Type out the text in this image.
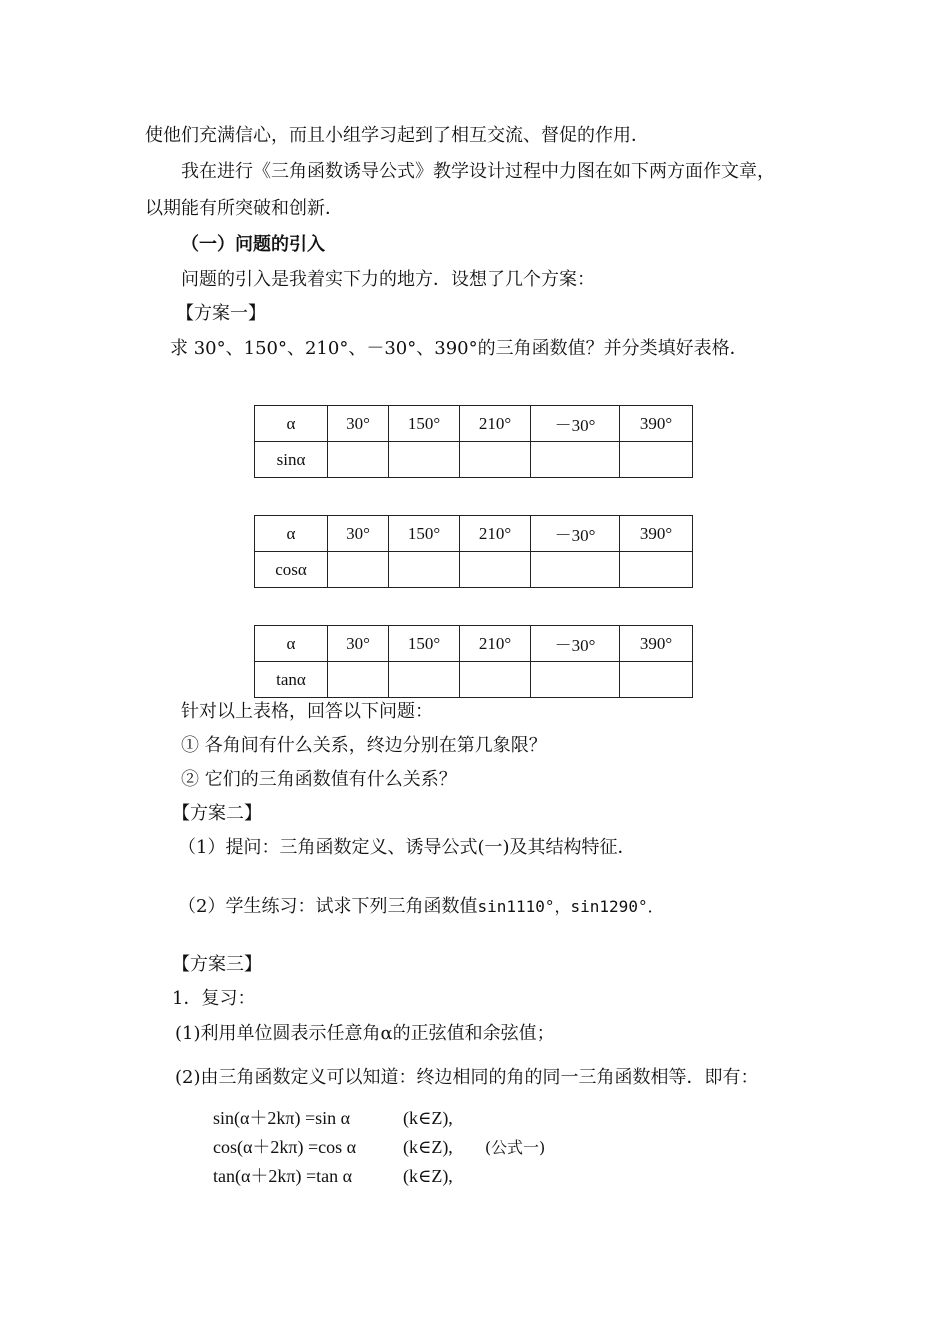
使他们充满信心，而且小组学习起到了相互交流、督促的作用．
我在进行《三角函数诱导公式》教学设计过程中力图在如下两方面作文章，
以期能有所突破和创新．
（一）问题的引入
问题的引入是我着实下力的地方．设想了几个方案：
【方案一】
求 30°、150°、210°、－30°、390°的三角函数值？并分类填好表格．
α	30°	150°	210°	－30°	390°
sinα					
α	30°	150°	210°	－30°	390°
cosα					
α	30°	150°	210°	－30°	390°
tanα					
针对以上表格，回答以下问题：
① 各角间有什么关系，终边分别在第几象限？
② 它们的三角函数值有什么关系？
【方案二】
（1）提问：三角函数定义、诱导公式(一)及其结构特征．
（2）学生练习：试求下列三角函数值sin1110°，sin1290°．
【方案三】
1．复习：
(1)利用单位圆表示任意角α的正弦值和余弦值；
(2)由三角函数定义可以知道：终边相同的角的同一三角函数相等．即有：
sin(α＋2kπ) =sin α	(k∈Z),
cos(α＋2kπ) =cos α	(k∈Z), (公式一)
tan(α＋2kπ) =tan α	(k∈Z),
